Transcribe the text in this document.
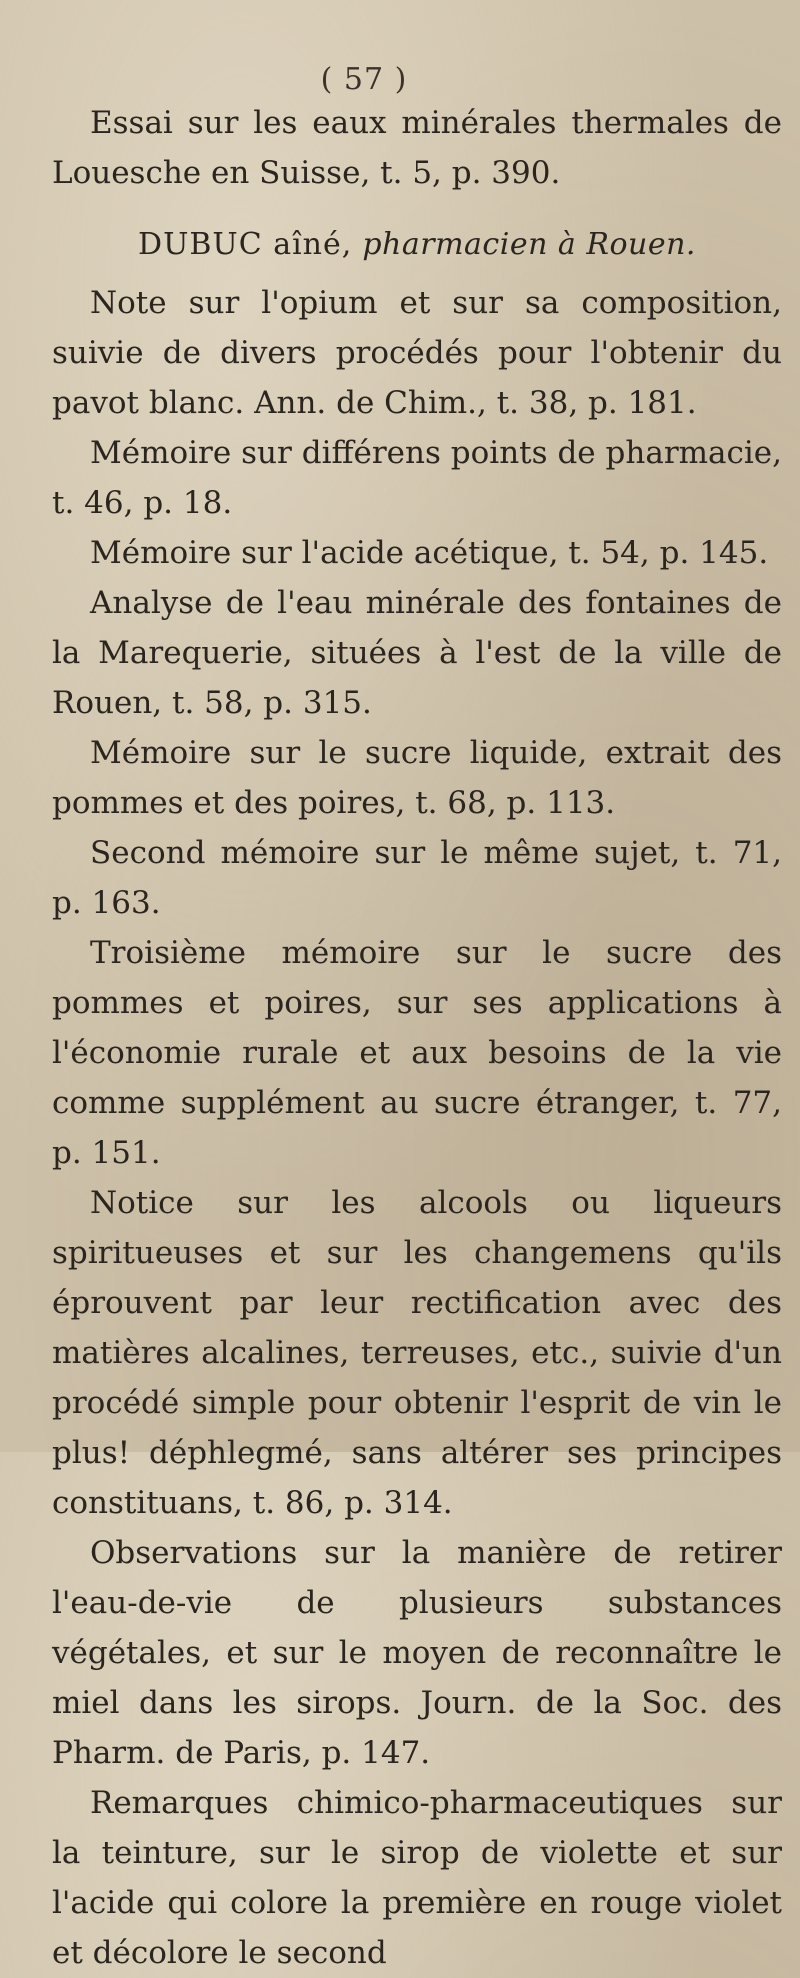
( 57 )

Essai sur les eaux minérales thermales de Louesche en Suisse, t. 5, p. 390.

DUBUC aîné, pharmacien à Rouen.

Note sur l'opium et sur sa composition, suivie de divers procédés pour l'obtenir du pavot blanc. Ann. de Chim., t. 38, p. 181.

Mémoire sur différens points de pharmacie, t. 46, p. 18.

Mémoire sur l'acide acétique, t. 54, p. 145.

Analyse de l'eau minérale des fontaines de la Marequerie, situées à l'est de la ville de Rouen, t. 58, p. 315.

Mémoire sur le sucre liquide, extrait des pommes et des poires, t. 68, p. 113.

Second mémoire sur le même sujet, t. 71, p. 163.

Troisième mémoire sur le sucre des pommes et poires, sur ses applications à l'économie rurale et aux besoins de la vie comme supplément au sucre étranger, t. 77, p. 151.

Notice sur les alcools ou liqueurs spiritueuses et sur les changemens qu'ils éprouvent par leur rectification avec des matières alcalines, terreuses, etc., suivie d'un procédé simple pour obtenir l'esprit de vin le plus! déphlegmé, sans altérer ses principes constituans, t. 86, p. 314.

Observations sur la manière de retirer l'eau-de-vie de plusieurs substances végétales, et sur le moyen de reconnaître le miel dans les sirops. Journ. de la Soc. des Pharm. de Paris, p. 147.

Remarques chimico-pharmaceutiques sur la teinture, sur le sirop de violette et sur l'acide qui colore la première en rouge violet et décolore le second
